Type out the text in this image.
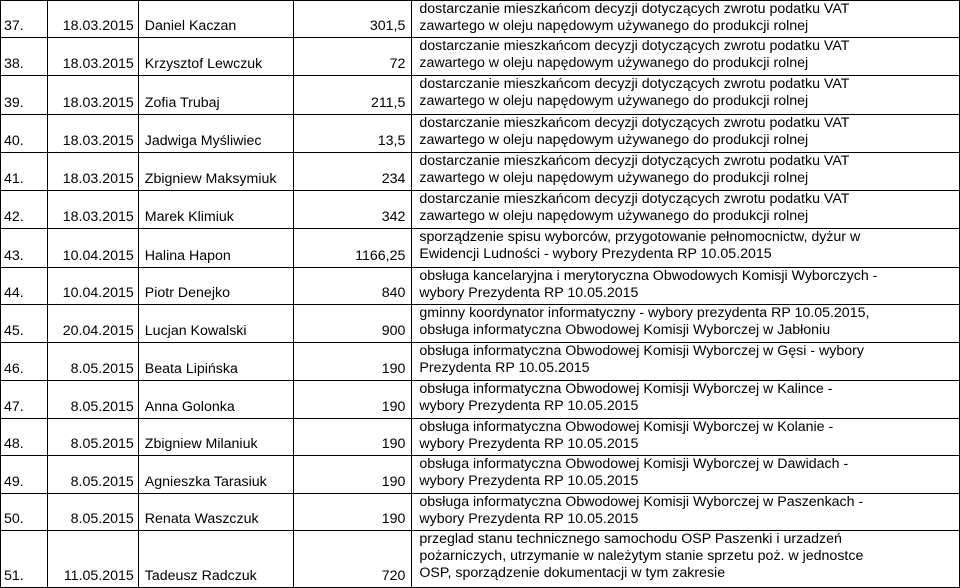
37.	18.03.2015	Daniel Kaczan	301,5	dostarczanie mieszkańcom decyzji dotyczących zwrotu podatku VAT
zawartego w oleju napędowym używanego do produkcji rolnej

38.	18.03.2015	Krzysztof Lewczuk	72	dostarczanie mieszkańcom decyzji dotyczących zwrotu podatku VAT
zawartego w oleju napędowym używanego do produkcji rolnej

39.	18.03.2015	Zofia Trubaj	211,5	dostarczanie mieszkańcom decyzji dotyczących zwrotu podatku VAT
zawartego w oleju napędowym używanego do produkcji rolnej

40.	18.03.2015	Jadwiga Myśliwiec	13,5	dostarczanie mieszkańcom decyzji dotyczących zwrotu podatku VAT
zawartego w oleju napędowym używanego do produkcji rolnej

41.	18.03.2015	Zbigniew Maksymiuk	234	dostarczanie mieszkańcom decyzji dotyczących zwrotu podatku VAT
zawartego w oleju napędowym używanego do produkcji rolnej

42.	18.03.2015	Marek Klimiuk	342	dostarczanie mieszkańcom decyzji dotyczących zwrotu podatku VAT
zawartego w oleju napędowym używanego do produkcji rolnej

43.	10.04.2015	Halina Hapon	1166,25	sporządzenie spisu wyborców, przygotowanie pełnomocnictw, dyżur w
Ewidencji Ludności - wybory Prezydenta RP 10.05.2015

44.	10.04.2015	Piotr Denejko	840	obsługa kancelaryjna i merytoryczna Obwodowych Komisji Wyborczych -
wybory Prezydenta RP 10.05.2015

45.	20.04.2015	Lucjan Kowalski	900	gminny koordynator informatyczny - wybory prezydenta RP 10.05.2015,
obsługa informatyczna Obwodowej Komisji Wyborczej w Jabłoniu

46.	8.05.2015	Beata Lipińska	190	obsługa informatyczna Obwodowej Komisji Wyborczej w Gęsi - wybory
Prezydenta RP 10.05.2015

47.	8.05.2015	Anna Golonka	190	obsługa informatyczna Obwodowej Komisji Wyborczej w Kalince -
wybory Prezydenta RP 10.05.2015

48.	8.05.2015	Zbigniew Milaniuk	190	obsługa informatyczna Obwodowej Komisji Wyborczej w Kolanie -
wybory Prezydenta RP 10.05.2015

49.	8.05.2015	Agnieszka Tarasiuk	190	obsługa informatyczna Obwodowej Komisji Wyborczej w Dawidach -
wybory Prezydenta RP 10.05.2015

50.	8.05.2015	Renata Waszczuk	190	obsługa informatyczna Obwodowej Komisji Wyborczej w Paszenkach -
wybory Prezydenta RP 10.05.2015

51.	11.05.2015	Tadeusz Radczuk	720	przeglad stanu technicznego samochodu OSP Paszenki i urzadzeń
pożarniczych, utrzymanie w należytym stanie sprzetu poż. w jednostce
OSP, sporządzenie dokumentacji w tym zakresie
